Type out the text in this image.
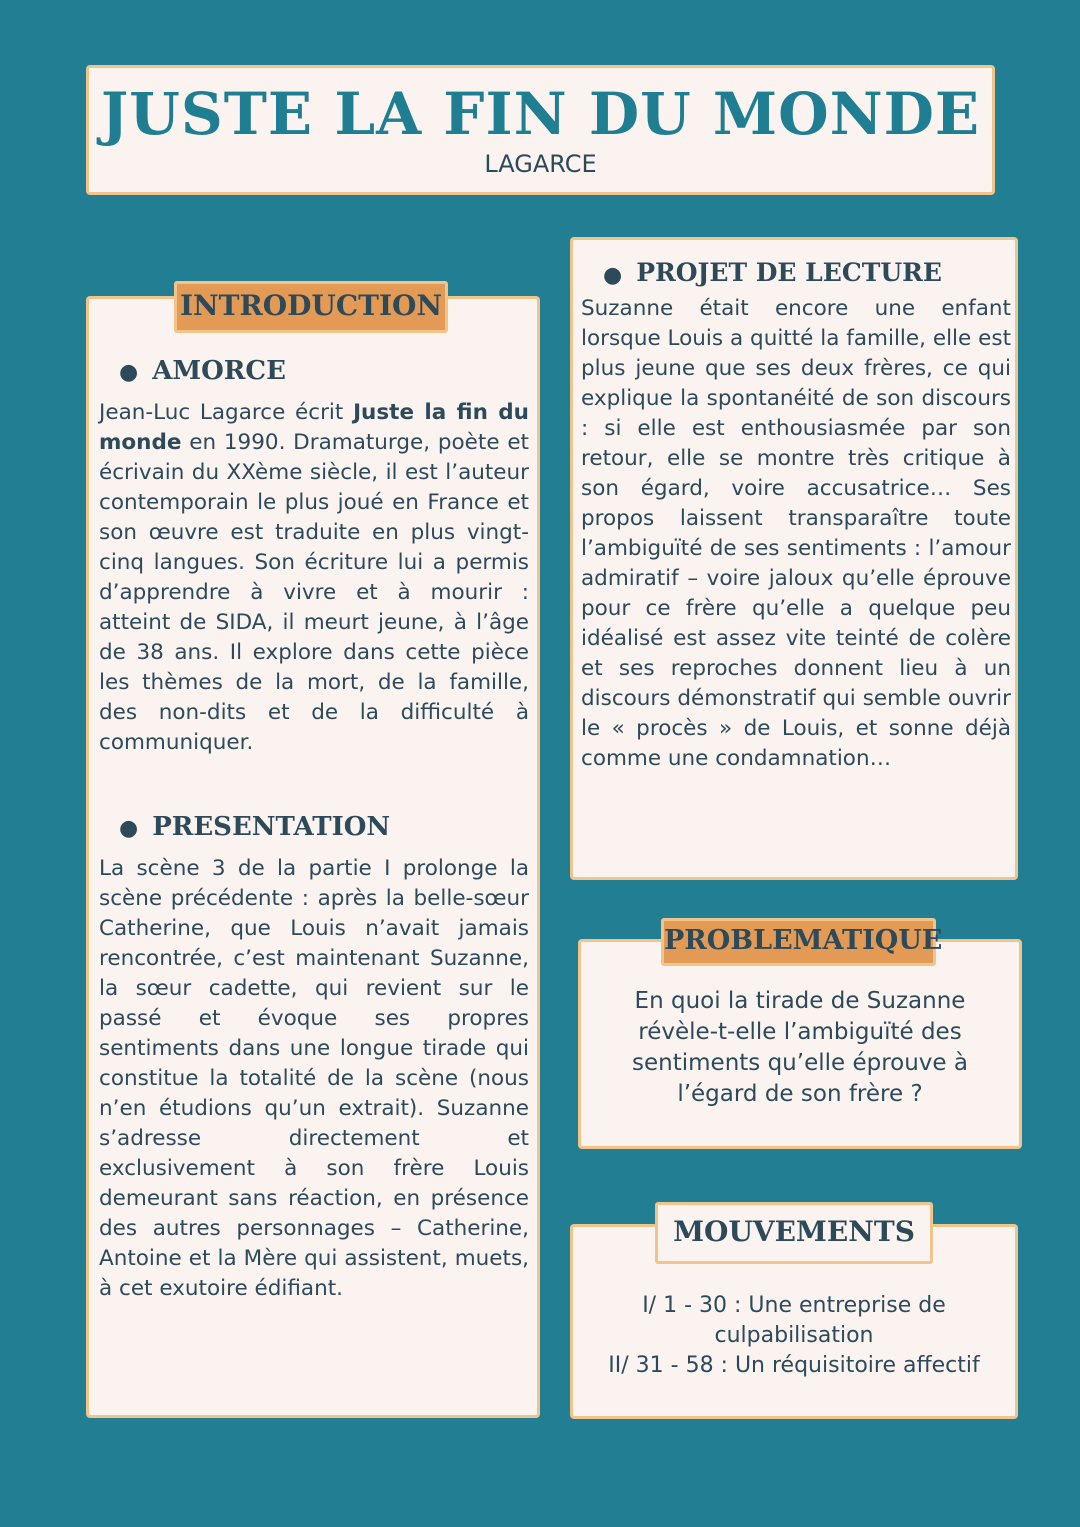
JUSTE LA FIN DU MONDE
LAGARCE
INTRODUCTION
● AMORCE
Jean-Luc Lagarce écrit Juste la fin du monde en 1990. Dramaturge, poète et écrivain du XXème siècle, il est l’auteur contemporain le plus joué en France et son œuvre est traduite en plus vingt-cinq langues. Son écriture lui a permis d’apprendre à vivre et à mourir : atteint de SIDA, il meurt jeune, à l’âge de 38 ans. Il explore dans cette pièce les thèmes de la mort, de la famille, des non-dits et de la difficulté à communiquer.
● PRESENTATION
La scène 3 de la partie I prolonge la scène précédente : après la belle-sœur Catherine, que Louis n’avait jamais rencontrée, c’est maintenant Suzanne, la sœur cadette, qui revient sur le passé et évoque ses propres sentiments dans une longue tirade qui constitue la totalité de la scène (nous n’en étudions qu’un extrait). Suzanne s’adresse directement et exclusivement à son frère Louis demeurant sans réaction, en présence des autres personnages – Catherine, Antoine et la Mère qui assistent, muets, à cet exutoire édifiant.
● PROJET DE LECTURE
Suzanne était encore une enfant lorsque Louis a quitté la famille, elle est plus jeune que ses deux frères, ce qui explique la spontanéité de son discours : si elle est enthousiasmée par son retour, elle se montre très critique à son égard, voire accusatrice… Ses propos laissent transparaître toute l’ambiguïté de ses sentiments : l’amour admiratif – voire jaloux qu’elle éprouve pour ce frère qu’elle a quelque peu idéalisé est assez vite teinté de colère et ses reproches donnent lieu à un discours démonstratif qui semble ouvrir le « procès » de Louis, et sonne déjà comme une condamnation…
PROBLEMATIQUE
En quoi la tirade de Suzanne révèle-t-elle l’ambiguïté des sentiments qu’elle éprouve à l’égard de son frère ?
MOUVEMENTS
I/ 1 - 30 : Une entreprise de culpabilisation
II/ 31 - 58 : Un réquisitoire affectif
